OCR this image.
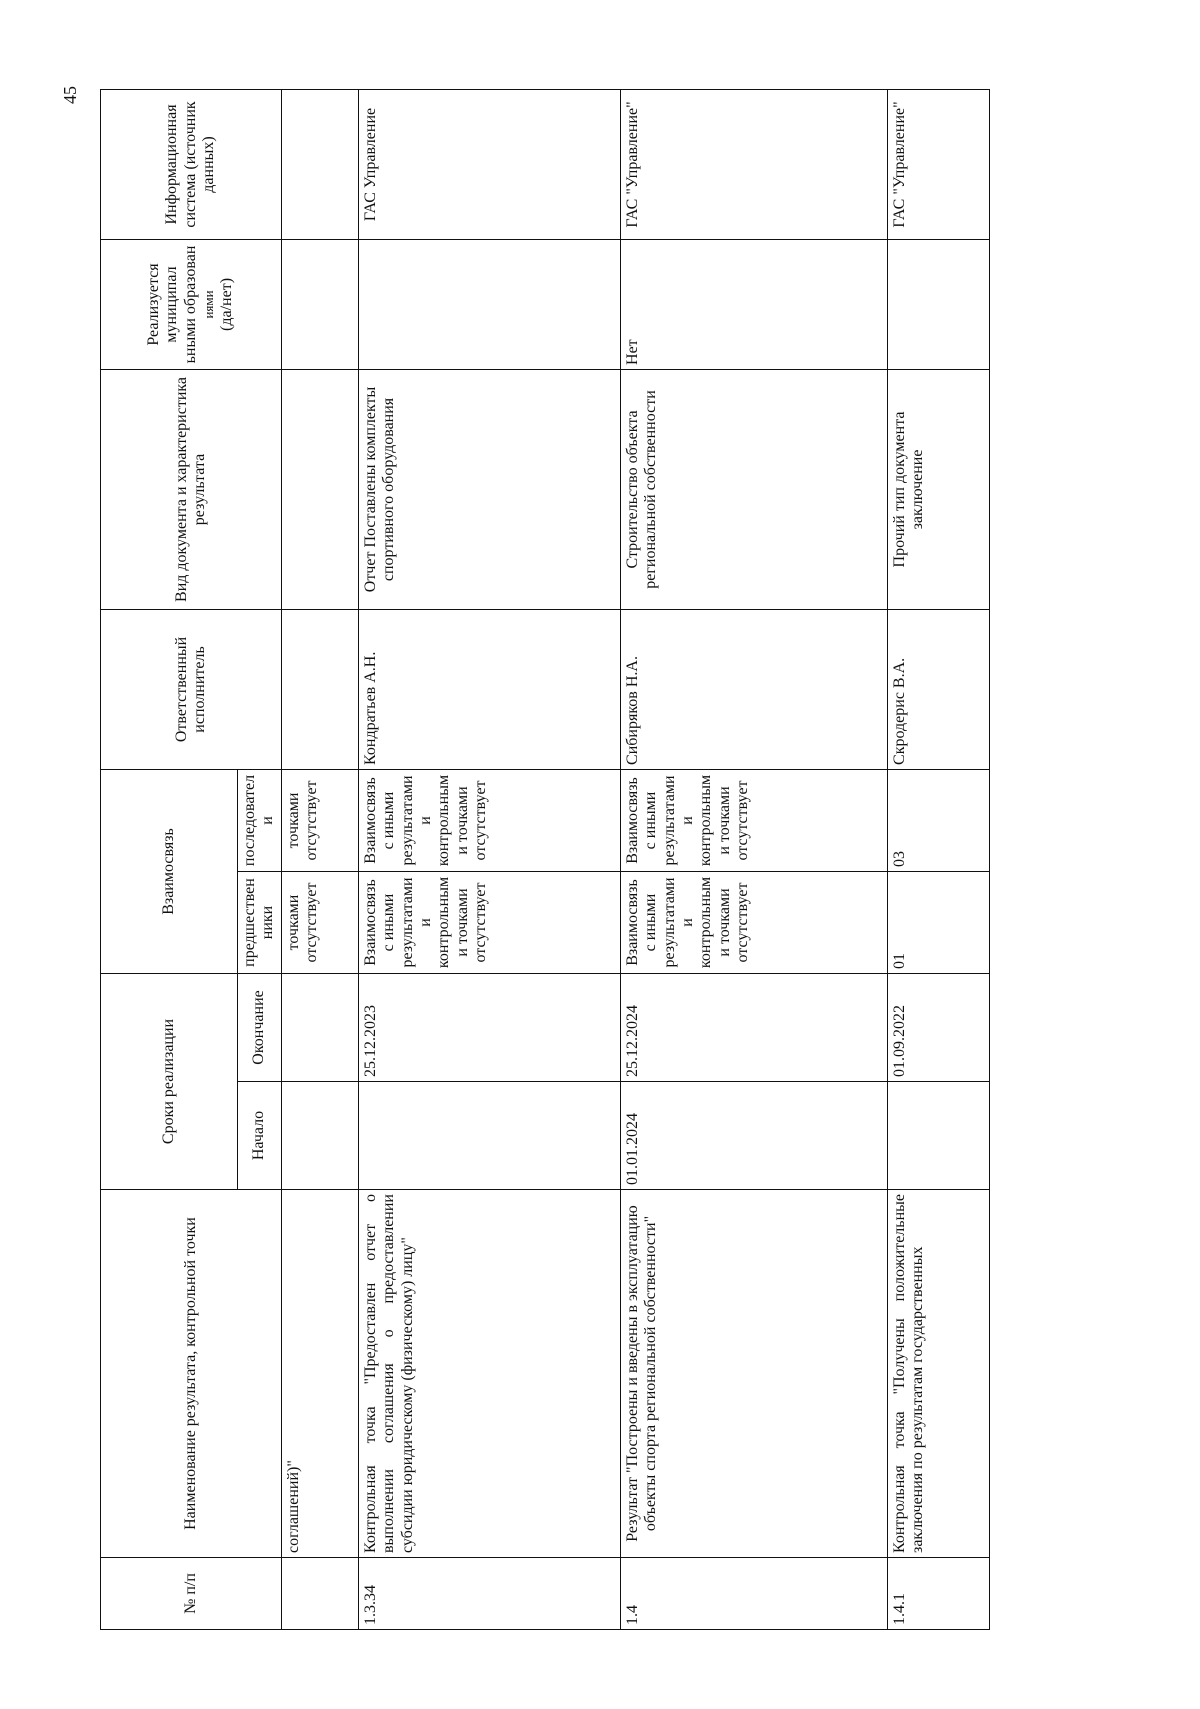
45
№ п/п	Наименование результата, контрольной точки	Сроки реализации		Взаимосвязь		Ответственный исполнитель	Вид документа и характеристика результата	Реализуется муниципал ьными образован иями (да/нет)	Информационная система (источник данных)
		Начало	Окончание	предшественники	последователи				
	соглашений)"			точками отсутствует	точками отсутствует				
1.3.34	Контрольная точка "Предоставлен отчет о выполнении соглашения о предоставлении субсидии юридическому (физическому) лицу"		25.12.2023	Взаимосвязь с иными результатами и контрольными точками отсутствует	Взаимосвязь с иными результатами и контрольными точками отсутствует	Кондратьев А.Н.	Отчет Поставлены комплекты спортивного оборудования		ГАС Управление
1.4	Результат "Построены и введены в эксплуатацию объекты спорта региональной собственности"	01.01.2024	25.12.2024	Взаимосвязь с иными результатами и контрольными точками отсутствует	Взаимосвязь с иными результатами и контрольными точками отсутствует	Сибиряков Н.А.	Строительство объекта региональной собственности	Нет	ГАС "Управление"
1.4.1	Контрольная точка "Получены положительные заключения по результатам государственных		01.09.2022	01	03	Скродерис В.А.	Прочий тип документа заключение		ГАС "Управление"
